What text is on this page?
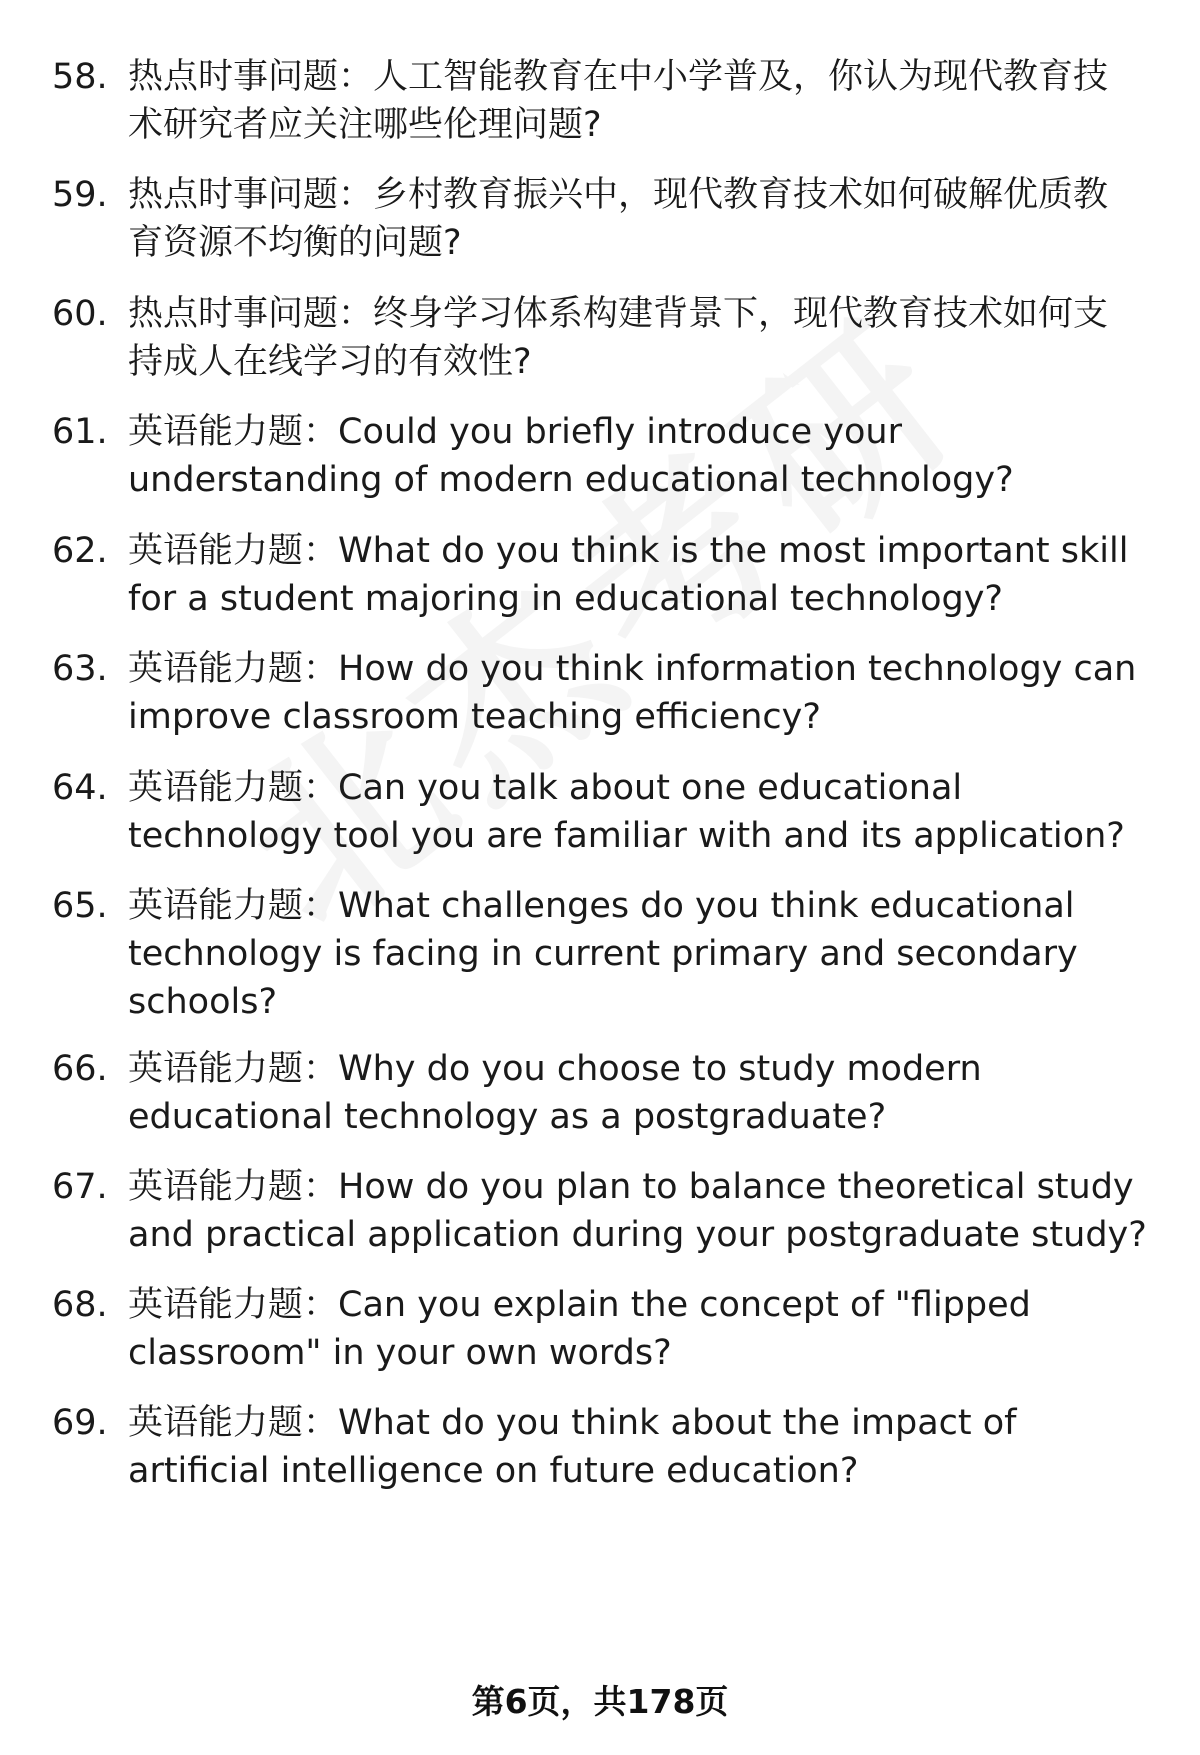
58. 热点时事问题：人工智能教育在中小学普及，你认为现代教育技
术研究者应关注哪些伦理问题?
59. 热点时事问题：乡村教育振兴中，现代教育技术如何破解优质教
育资源不均衡的问题?
60. 热点时事问题：终身学习体系构建背景下，现代教育技术如何支
持成人在线学习的有效性?
61. 英语能力题：Could you briefly introduce your
understanding of modern educational technology?
62. 英语能力题：What do you think is the most important skill
for a student majoring in educational technology?
63. 英语能力题：How do you think information technology can
improve classroom teaching efficiency?
64. 英语能力题：Can you talk about one educational
technology tool you are familiar with and its application?
65. 英语能力题：What challenges do you think educational
technology is facing in current primary and secondary
schools?
66. 英语能力题：Why do you choose to study modern
educational technology as a postgraduate?
67. 英语能力题：How do you plan to balance theoretical study
and practical application during your postgraduate study?
68. 英语能力题：Can you explain the concept of "flipped
classroom" in your own words?
69. 英语能力题：What do you think about the impact of
artificial intelligence on future education?
第6页，共178页
